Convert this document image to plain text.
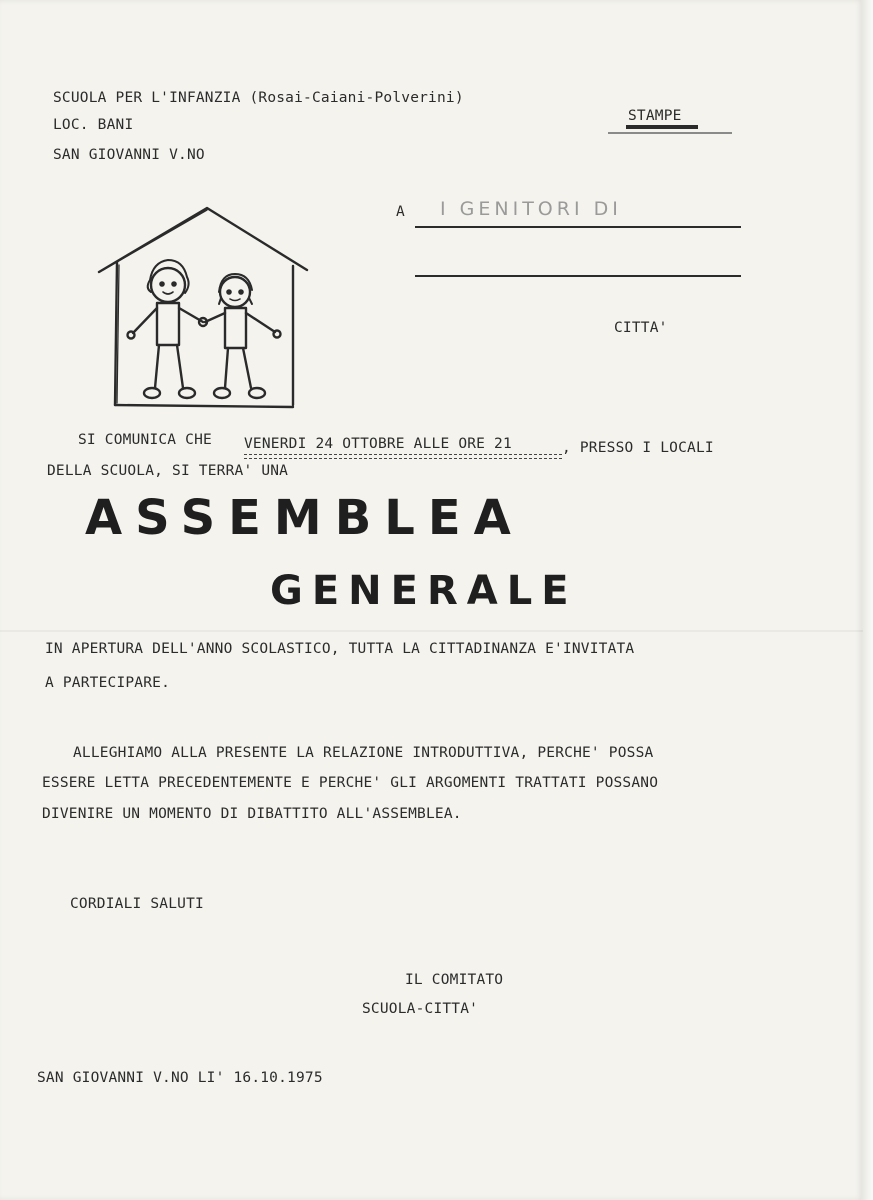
SCUOLA PER L'INFANZIA (Rosai-Caiani-Polverini)
LOC. BANI
SAN GIOVANNI V.NO
STAMPE
A I GENITORI DI
CITTA'
SI COMUNICA CHE VENERDI 24 OTTOBRE ALLE ORE 21	, PRESSO I LOCALI
DELLA SCUOLA, SI TERRA' UNA
ASSEMBLEA
GENERALE
IN APERTURA DELL'ANNO SCOLASTICO, TUTTA LA CITTADINANZA E'INVITATA
A PARTECIPARE.
ALLEGHIAMO ALLA PRESENTE LA RELAZIONE INTRODUTTIVA, PERCHE' POSSA
ESSERE LETTA PRECEDENTEMENTE E PERCHE' GLI ARGOMENTI TRATTATI POSSANO
DIVENIRE UN MOMENTO DI DIBATTITO ALL'ASSEMBLEA.
CORDIALI SALUTI
IL COMITATO
SCUOLA-CITTA'
SAN GIOVANNI V.NO LI' 16.10.1975
